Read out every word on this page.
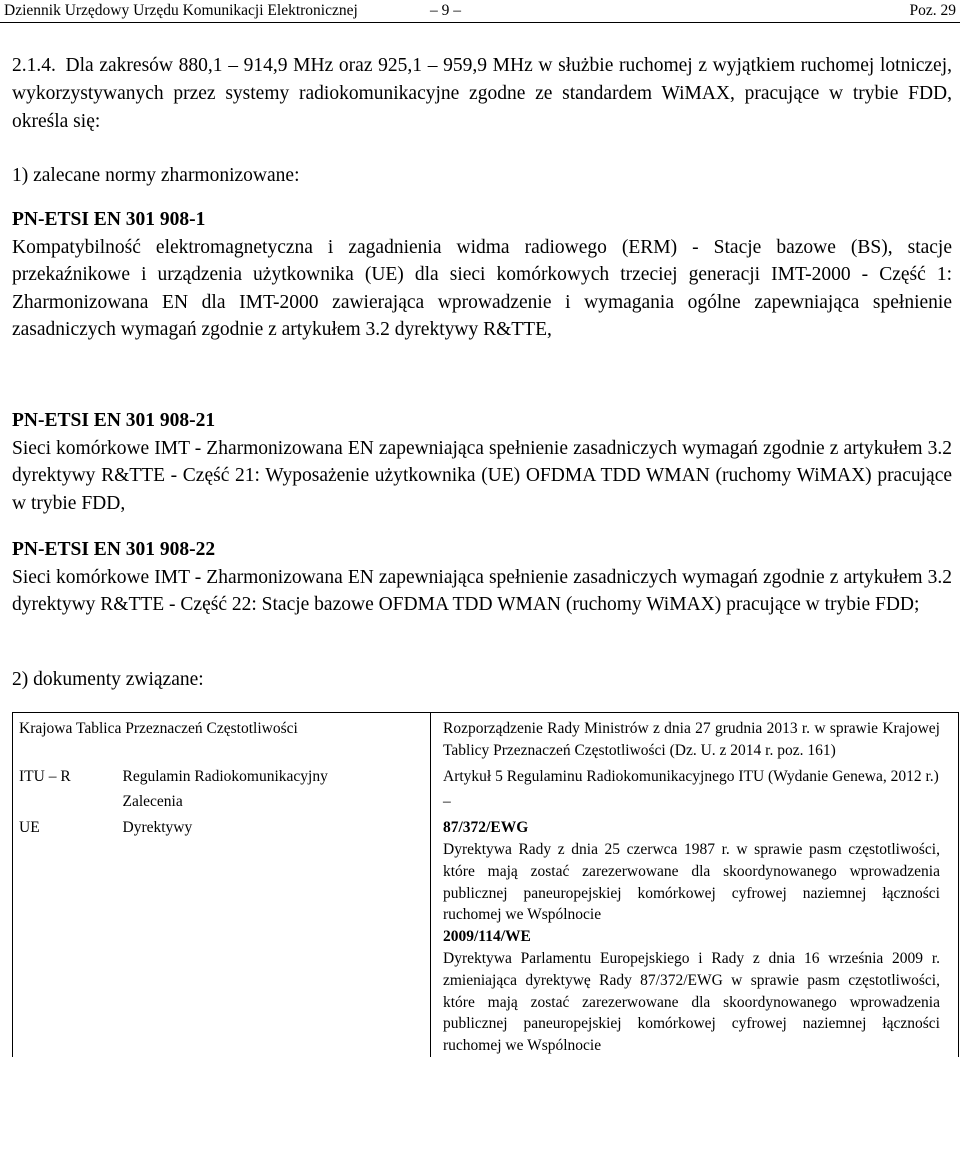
Dziennik Urzędowy Urzędu Komunikacji Elektronicznej	– 9 –	Poz. 29

2.1.4. Dla zakresów 880,1 – 914,9 MHz oraz 925,1 – 959,9 MHz w służbie ruchomej z wyjątkiem ruchomej lotniczej, wykorzystywanych przez systemy radiokomunikacyjne zgodne ze standardem WiMAX, pracujące w trybie FDD, określa się:

1) zalecane normy zharmonizowane:

PN-ETSI EN 301 908-1
Kompatybilność elektromagnetyczna i zagadnienia widma radiowego (ERM) - Stacje bazowe (BS), stacje przekaźnikowe i urządzenia użytkownika (UE) dla sieci komórkowych trzeciej generacji IMT-2000 - Część 1: Zharmonizowana EN dla IMT-2000 zawierająca wprowadzenie i wymagania ogólne zapewniająca spełnienie zasadniczych wymagań zgodnie z artykułem 3.2 dyrektywy R&TTE,
PN-ETSI EN 301 908-21
Sieci komórkowe IMT - Zharmonizowana EN zapewniająca spełnienie zasadniczych wymagań zgodnie z artykułem 3.2 dyrektywy R&TTE - Część 21: Wyposażenie użytkownika (UE) OFDMA TDD WMAN (ruchomy WiMAX) pracujące w trybie FDD,
PN-ETSI EN 301 908-22
Sieci komórkowe IMT - Zharmonizowana EN zapewniająca spełnienie zasadniczych wymagań zgodnie z artykułem 3.2 dyrektywy R&TTE - Część 22: Stacje bazowe OFDMA TDD WMAN (ruchomy WiMAX) pracujące w trybie FDD;

2) dokumenty związane:

Krajowa Tablica Przeznaczeń Częstotliwości		Rozporządzenie Rady Ministrów z dnia 27 grudnia 2013 r. w sprawie Krajowej Tablicy Przeznaczeń Częstotliwości (Dz. U. z 2014 r. poz. 161)
ITU – R	Regulamin Radiokomunikacyjny	Artykuł 5 Regulaminu Radiokomunikacyjnego ITU (Wydanie Genewa, 2012 r.)
	Zalecenia	–
UE	Dyrektywy	87/372/EWG
Dyrektywa Rady z dnia 25 czerwca 1987 r. w sprawie pasm częstotliwości, które mają zostać zarezerwowane dla skoordynowanego wprowadzenia publicznej paneuropejskiej komórkowej cyfrowej naziemnej łączności ruchomej we Wspólnocie
2009/114/WE
Dyrektywa Parlamentu Europejskiego i Rady z dnia 16 września 2009 r. zmieniająca dyrektywę Rady 87/372/EWG w sprawie pasm częstotliwości, które mają zostać zarezerwowane dla skoordynowanego wprowadzenia publicznej paneuropejskiej komórkowej cyfrowej naziemnej łączności ruchomej we Wspólnocie
